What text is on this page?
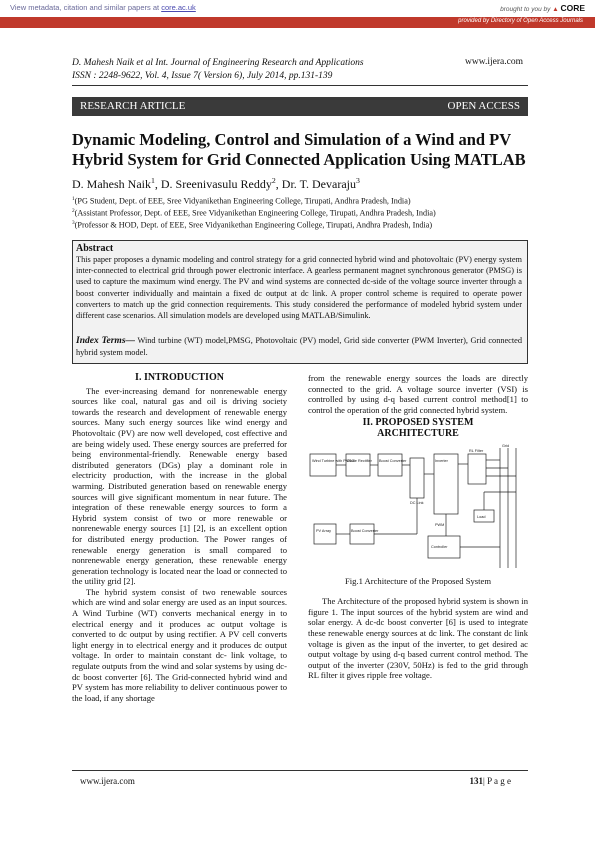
View metadata, citation and similar papers at core.ac.uk	brought to you by ▲ CORE
provided by Directory of Open Access Journals
D. Mahesh Naik et al Int. Journal of Engineering Research and Applications
ISSN : 2248-9622, Vol. 4, Issue 7( Version 6), July 2014, pp.131-139
www.ijera.com
RESEARCH ARTICLE	OPEN ACCESS
Dynamic Modeling, Control and Simulation of a Wind and PV Hybrid System for Grid Connected Application Using MATLAB
D. Mahesh Naik$^1$, D. Sreenivasulu Reddy$^2$, Dr. T. Devaraju$^3$
$^1$(PG Student, Dept. of EEE, Sree Vidyanikethan Engineering College, Tirupati, Andhra Pradesh, India)
$^2$(Assistant Professor, Dept. of EEE, Sree Vidyanikethan Engineering College, Tirupati, Andhra Pradesh, India)
$^3$(Professor & HOD, Dept. of EEE, Sree Vidyanikethan Engineering College, Tirupati, Andhra Pradesh, India)
Abstract
This paper proposes a dynamic modeling and control strategy for a grid connected hybrid wind and photovoltaic (PV) energy system inter-connected to electrical grid through power electronic interface. A gearless permanent magnet synchronous generator (PMSG) is used to capture the maximum wind energy. The PV and wind systems are connected dc-side of the voltage source inverter through a boost converter individually and maintain a fixed dc output at dc link. A proper control scheme is required to operate power converters to match up the grid connection requirements. This study considered the performance of modeled hybrid system under different case scenarios. All simulation models are developed using MATLAB/Simulink.
Index Terms— Wind turbine (WT) model,PMSG, Photovoltaic (PV) model, Grid side converter (PWM Inverter), Grid connected hybrid system model.
I. INTRODUCTION

The ever-increasing demand for nonrenewable energy sources like coal, natural gas and oil is driving society towards the research and development of renewable energy sources. Many such energy sources like wind energy and Photovoltaic (PV) are now well developed, cost effective and are being widely used. These energy sources are preferred for being environmental-friendly. Renewable energy based distributed generators (DGs) play a dominant role in electricity production, with the increase in the global warming. Distributed generation based on renewable energy sources will give significant momentum in near future. The integration of these renewable energy sources to form a Hybrid system consist of two or more renewable or nonrenewable energy sources [1] [2], is an excellent option for distributed energy production. The Power ranges of renewable energy generation is small compared to nonrenewable energy generation, these renewable energy generation technology is located near the load or connected to the utility grid [2].

The hybrid system consist of two renewable sources which are wind and solar energy are used as an input sources. A Wind Turbine (WT) converts mechanical energy in to electrical energy and it produces ac output voltage is converted to dc output by using rectifier. A PV cell converts light energy in to electrical energy and it produces dc output voltage. In order to maintain constant dc- link voltage, to regulate outputs from the wind and solar systems by using dc-dc boost converter [6]. The Grid-connected hybrid wind and PV system has more reliability to deliver continuous power to the load, if any shortage

from the renewable energy sources the loads are directly connected to the grid. A voltage source inverter (VSI) is controlled by using d-q based current control method[1] to control the operation of the grid connected hybrid system.

II. PROPOSED SYSTEM
ARCHITECTURE
Wind Turbine with PMSG
Diode Rectifier Boost Converter
DC Link
Inverter
RL Filter
Grid
PV Array	Boost Converter
PWM
Controller
Load
Fig.1 Architecture of the Proposed System

The Architecture of the proposed hybrid system is shown in figure 1. The input sources of the hybrid system are wind and solar energy. A dc-dc boost converter [6] is used to integrate these renewable energy sources at dc link. The constant dc link voltage is given as the input of the inverter, to get desired ac output voltage by using d-q based current control method. The output of the inverter (230V, 50Hz) is fed to the grid through RL filter it gives ripple free voltage.

www.ijera.com	131| P a g e
